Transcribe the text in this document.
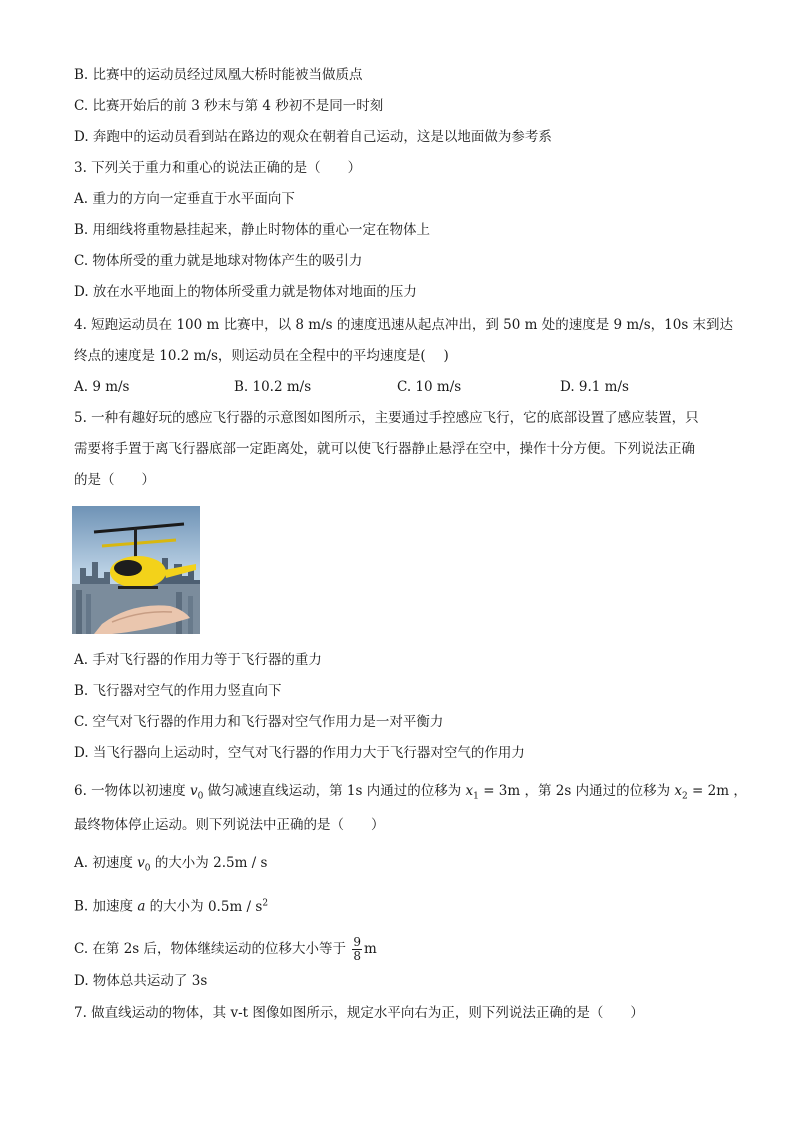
B. 比赛中的运动员经过凤凰大桥时能被当做质点
C. 比赛开始后的前 3 秒末与第 4 秒初不是同一时刻
D. 奔跑中的运动员看到站在路边的观众在朝着自己运动，这是以地面做为参考系
3. 下列关于重力和重心的说法正确的是（　　）
A. 重力的方向一定垂直于水平面向下
B. 用细线将重物悬挂起来，静止时物体的重心一定在物体上
C. 物体所受的重力就是地球对物体产生的吸引力
D. 放在水平地面上的物体所受重力就是物体对地面的压力
4. 短跑运动员在 100 m 比赛中，以 8 m/s 的速度迅速从起点冲出，到 50 m 处的速度是 9 m/s，10s 末到达
终点的速度是 10.2 m/s，则运动员在全程中的平均速度是(　 )
A. 9 m/s	B. 10.2 m/s	C. 10 m/s	D. 9.1 m/s
5. 一种有趣好玩的感应飞行器的示意图如图所示，主要通过手控感应飞行，它的底部设置了感应装置，只
需要将手置于离飞行器底部一定距离处，就可以使飞行器静止悬浮在空中，操作十分方便。下列说法正确
的是（　　）
A. 手对飞行器的作用力等于飞行器的重力
B. 飞行器对空气的作用力竖直向下
C. 空气对飞行器的作用力和飞行器对空气作用力是一对平衡力
D. 当飞行器向上运动时，空气对飞行器的作用力大于飞行器对空气的作用力
6. 一物体以初速度 $v_0$ 做匀减速直线运动，第 1s 内通过的位移为 $x_1 = 3m$ ，第 2s 内通过的位移为 $x_2 = 2m$ ，
最终物体停止运动。则下列说法中正确的是（　　）
A. 初速度 $v_0$ 的大小为 2.5m / s
B. 加速度 a 的大小为 $0.5m / s^2$
C. 在第 2s 后，物体继续运动的位移大小等于 $\frac{9}{8}$ m
D. 物体总共运动了 3s
7. 做直线运动的物体，其 v-t 图像如图所示，规定水平向右为正，则下列说法正确的是（　　）
